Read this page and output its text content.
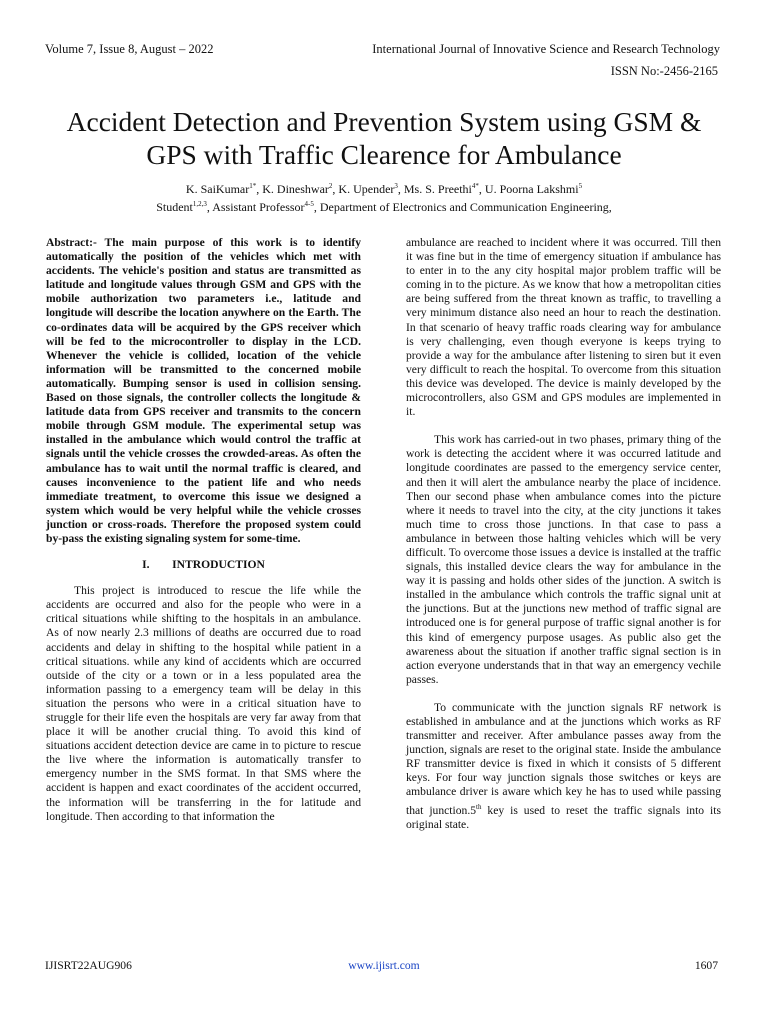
Volume 7, Issue 8, August – 2022	International Journal of Innovative Science and Research Technology
ISSN No:-2456-2165
Accident Detection and Prevention System using GSM & GPS with Traffic Clearence for Ambulance
K. SaiKumar$^{1*}$, K. Dineshwar$^2$, K. Upender$^3$, Ms. S. Preethi$^{4*}$, U. Poorna Lakshmi$^5$
Student$^{1,2,3}$, Assistant Professor$^{4-5}$, Department of Electronics and Communication Engineering,

Abstract:- The main purpose of this work is to identify automatically the position of the vehicles which met with accidents. The vehicle's position and status are transmitted as latitude and longitude values through GSM and GPS with the mobile authorization two parameters i.e., latitude and longitude will describe the location anywhere on the Earth. The co-ordinates data will be acquired by the GPS receiver which will be fed to the microcontroller to display in the LCD. Whenever the vehicle is collided, location of the vehicle information will be transmitted to the concerned mobile automatically. Bumping sensor is used in collision sensing. Based on those signals, the controller collects the longitude & latitude data from GPS receiver and transmits to the concern mobile through GSM module. The experimental setup was installed in the ambulance which would control the traffic at signals until the vehicle crosses the crowded-areas. As often the ambulance has to wait until the normal traffic is cleared, and causes inconvenience to the patient life and who needs immediate treatment, to overcome this issue we designed a system which would be very helpful while the vehicle crosses junction or cross-roads. Therefore the proposed system could by-pass the existing signaling system for some-time.

I. INTRODUCTION

This project is introduced to rescue the life while the accidents are occurred and also for the people who were in a critical situations while shifting to the hospitals in an ambulance. As of now nearly 2.3 millions of deaths are occurred due to road accidents and delay in shifting to the hospital while patient in a critical situations. while any kind of accidents which are occurred outside of the city or a town or in a less populated area the information passing to a emergency team will be delay in this situation the persons who were in a critical situation have to struggle for their life even the hospitals are very far away from that place it will be another crucial thing. To avoid this kind of situations accident detection device are came in to picture to rescue the live where the information is automatically transfer to emergency number in the SMS format. In that SMS where the accident is happen and exact coordinates of the accident occurred, the information will be transferring in the for latitude and longitude. Then according to that information the

ambulance are reached to incident where it was occurred. Till then it was fine but in the time of emergency situation if ambulance has to enter in to the any city hospital major problem traffic will be coming in to the picture. As we know that how a metropolitan cities are being suffered from the threat known as traffic, to travelling a very minimum distance also need an hour to reach the destination. In that scenario of heavy traffic roads clearing way for ambulance is very challenging, even though everyone is keeps trying to provide a way for the ambulance after listening to siren but it even very difficult to reach the hospital. To overcome from this situation this device was developed. The device is mainly developed by the microcontrollers, also GSM and GPS modules are implemented in it.

This work has carried-out in two phases, primary thing of the work is detecting the accident where it was occurred latitude and longitude coordinates are passed to the emergency service center, and then it will alert the ambulance nearby the place of incidence. Then our second phase when ambulance comes into the picture where it needs to travel into the city, at the city junctions it takes much time to cross those junctions. In that case to pass a ambulance in between those halting vehicles which will be very difficult. To overcome those issues a device is installed at the traffic signals, this installed device clears the way for ambulance in the way it is passing and holds other sides of the junction. A switch is installed in the ambulance which controls the traffic signal unit at the junctions. But at the junctions new method of traffic signal are introduced one is for general purpose of traffic signal another is for this kind of emergency purpose usages. As public also get the awareness about the situation if another traffic signal section is in action everyone understands that in that way an emergency vechile passes.

To communicate with the junction signals RF network is established in ambulance and at the junctions which works as RF transmitter and receiver. After ambulance passes away from the junction, signals are reset to the original state. Inside the ambulance RF transmitter device is fixed in which it consists of 5 different keys. For four way junction signals those switches or keys are ambulance driver is aware which key he has to used while passing that junction.5th key is used to reset the traffic signals into its original state.

IJISRT22AUG906	www.ijisrt.com	1607
